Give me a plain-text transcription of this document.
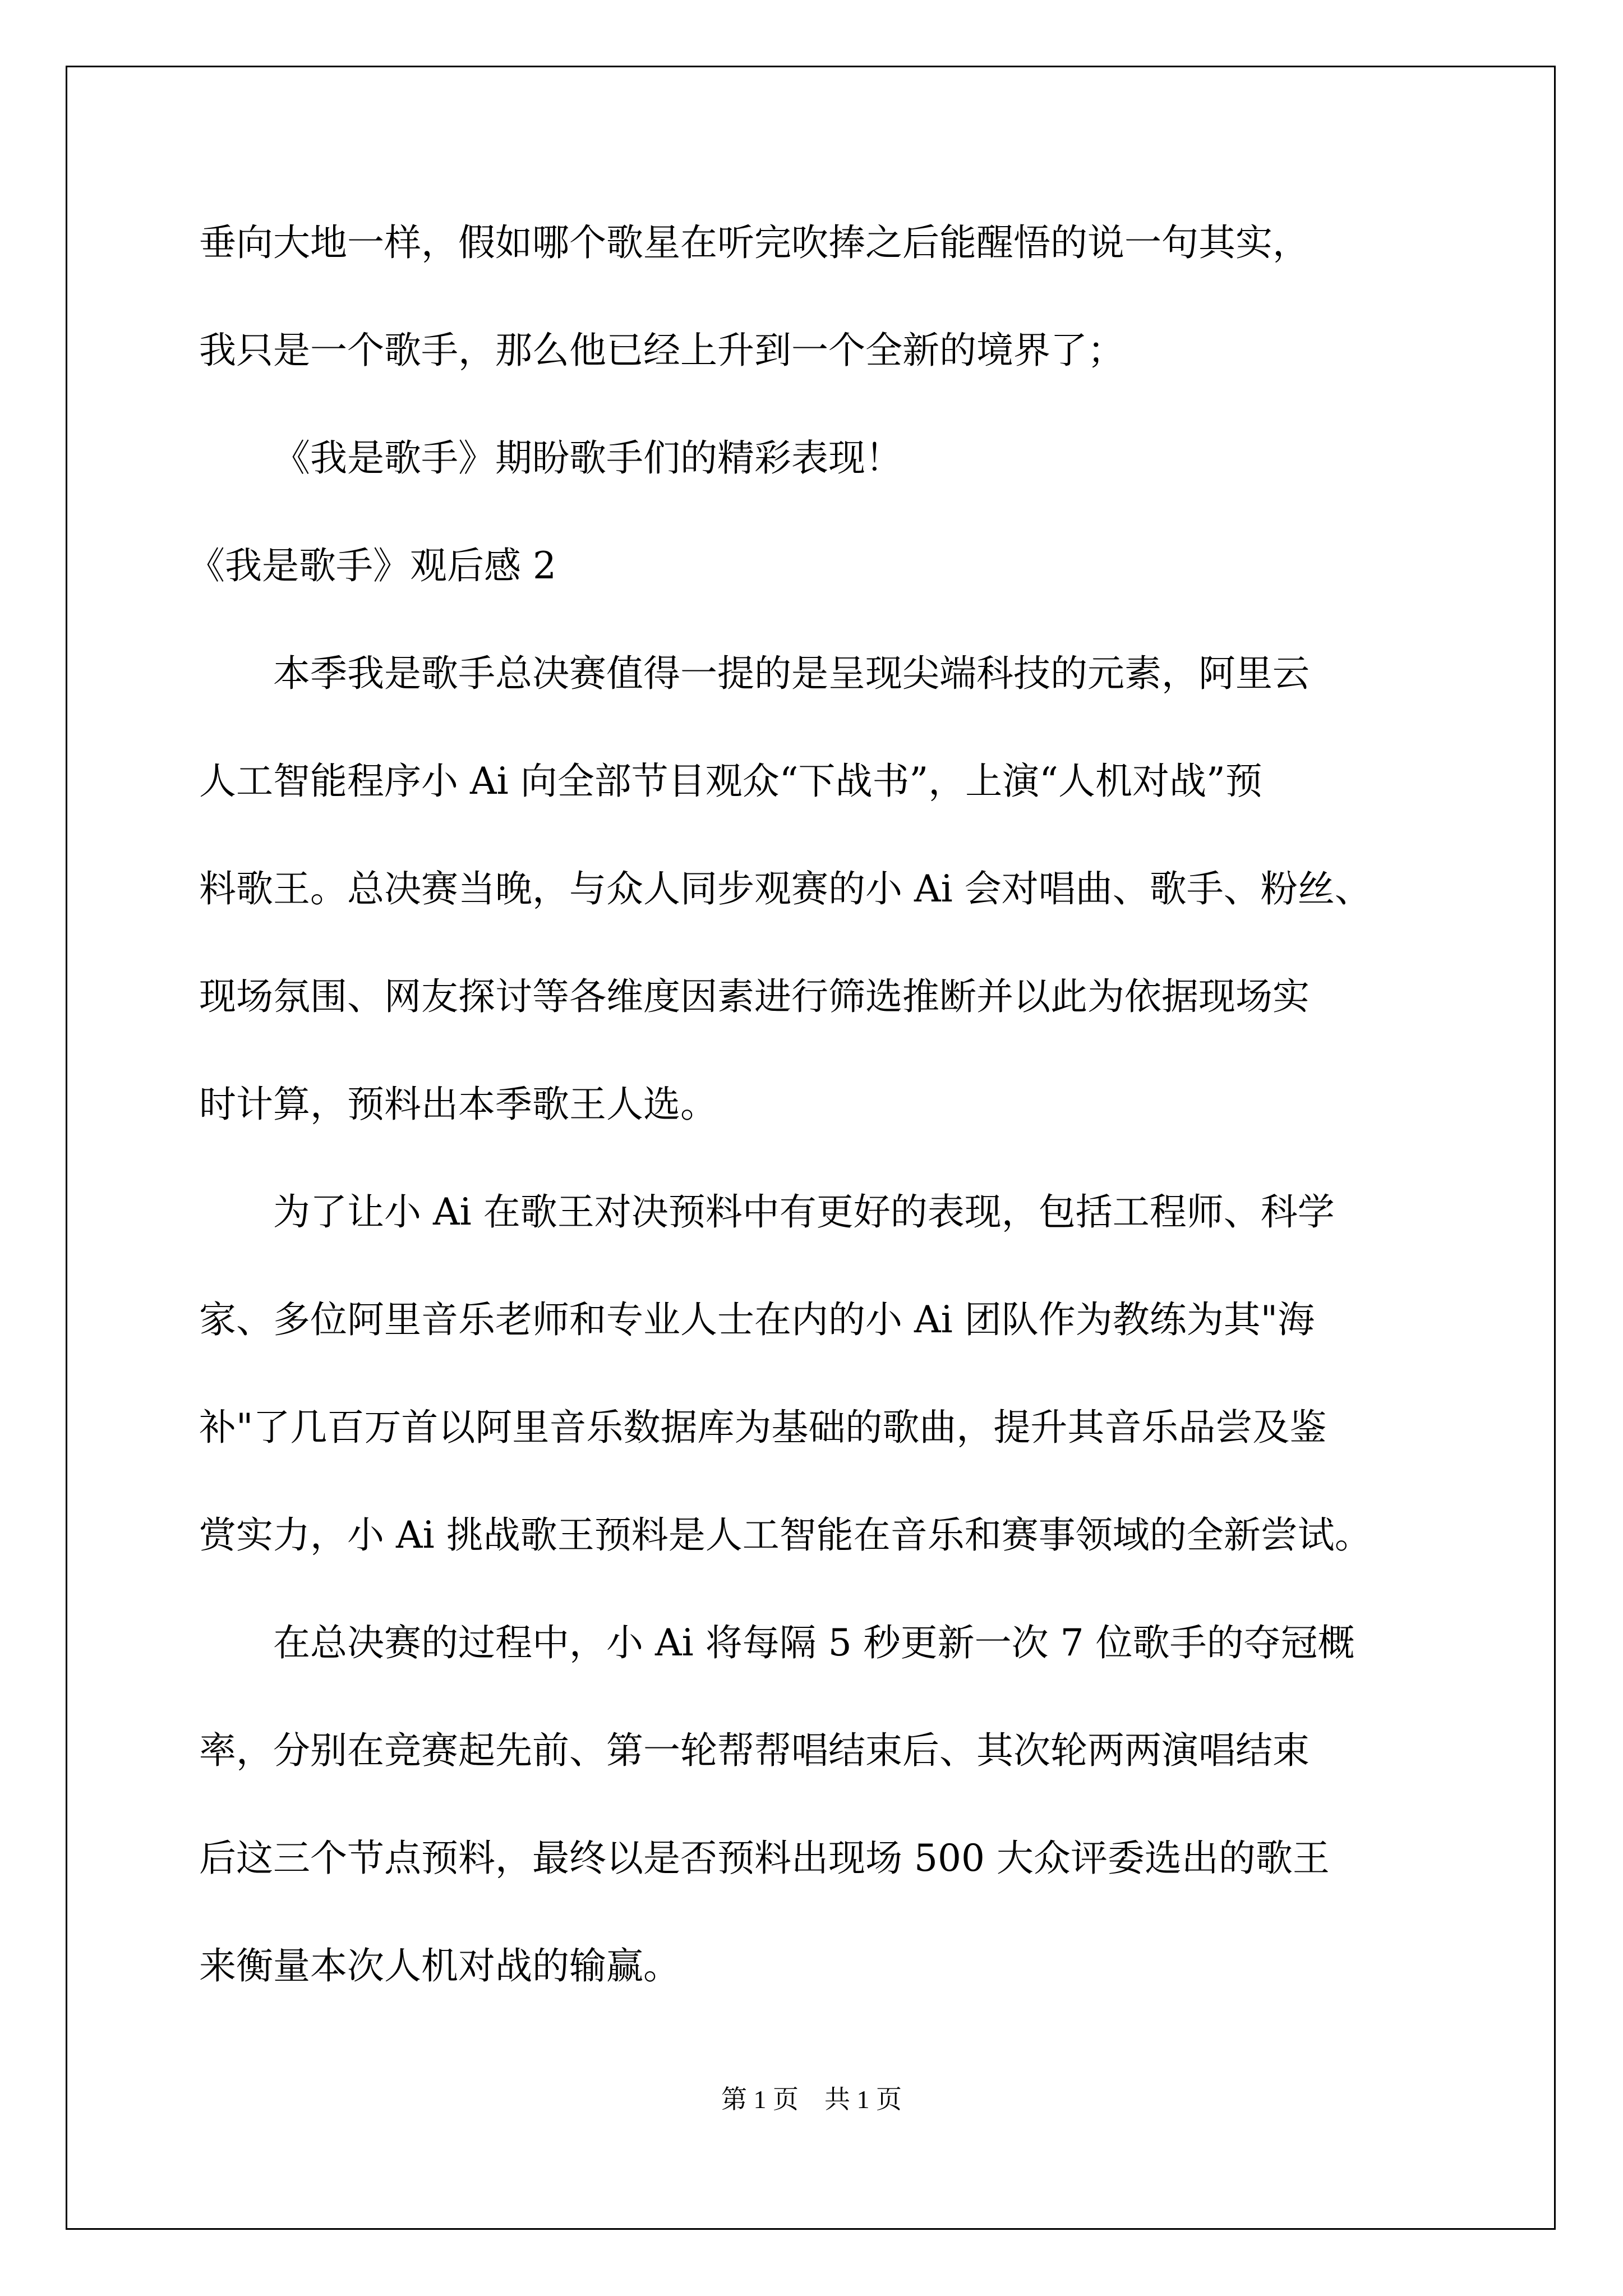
垂向大地一样，假如哪个歌星在听完吹捧之后能醒悟的说一句其实，

我只是一个歌手，那么他已经上升到一个全新的境界了；

《我是歌手》期盼歌手们的精彩表现！

《我是歌手》观后感 2

本季我是歌手总决赛值得一提的是呈现尖端科技的元素，阿里云

人工智能程序小 Ai 向全部节目观众“下战书”，上演“人机对战”预

料歌王。总决赛当晚，与众人同步观赛的小 Ai 会对唱曲、歌手、粉丝、

现场氛围、网友探讨等各维度因素进行筛选推断并以此为依据现场实

时计算，预料出本季歌王人选。

为了让小 Ai 在歌王对决预料中有更好的表现，包括工程师、科学

家、多位阿里音乐老师和专业人士在内的小 Ai 团队作为教练为其"海

补"了几百万首以阿里音乐数据库为基础的歌曲，提升其音乐品尝及鉴

赏实力，小 Ai 挑战歌王预料是人工智能在音乐和赛事领域的全新尝试。

在总决赛的过程中，小 Ai 将每隔 5 秒更新一次 7 位歌手的夺冠概

率，分别在竞赛起先前、第一轮帮帮唱结束后、其次轮两两演唱结束

后这三个节点预料，最终以是否预料出现场 500 大众评委选出的歌王

来衡量本次人机对战的输赢。

第 1 页　共 1 页
